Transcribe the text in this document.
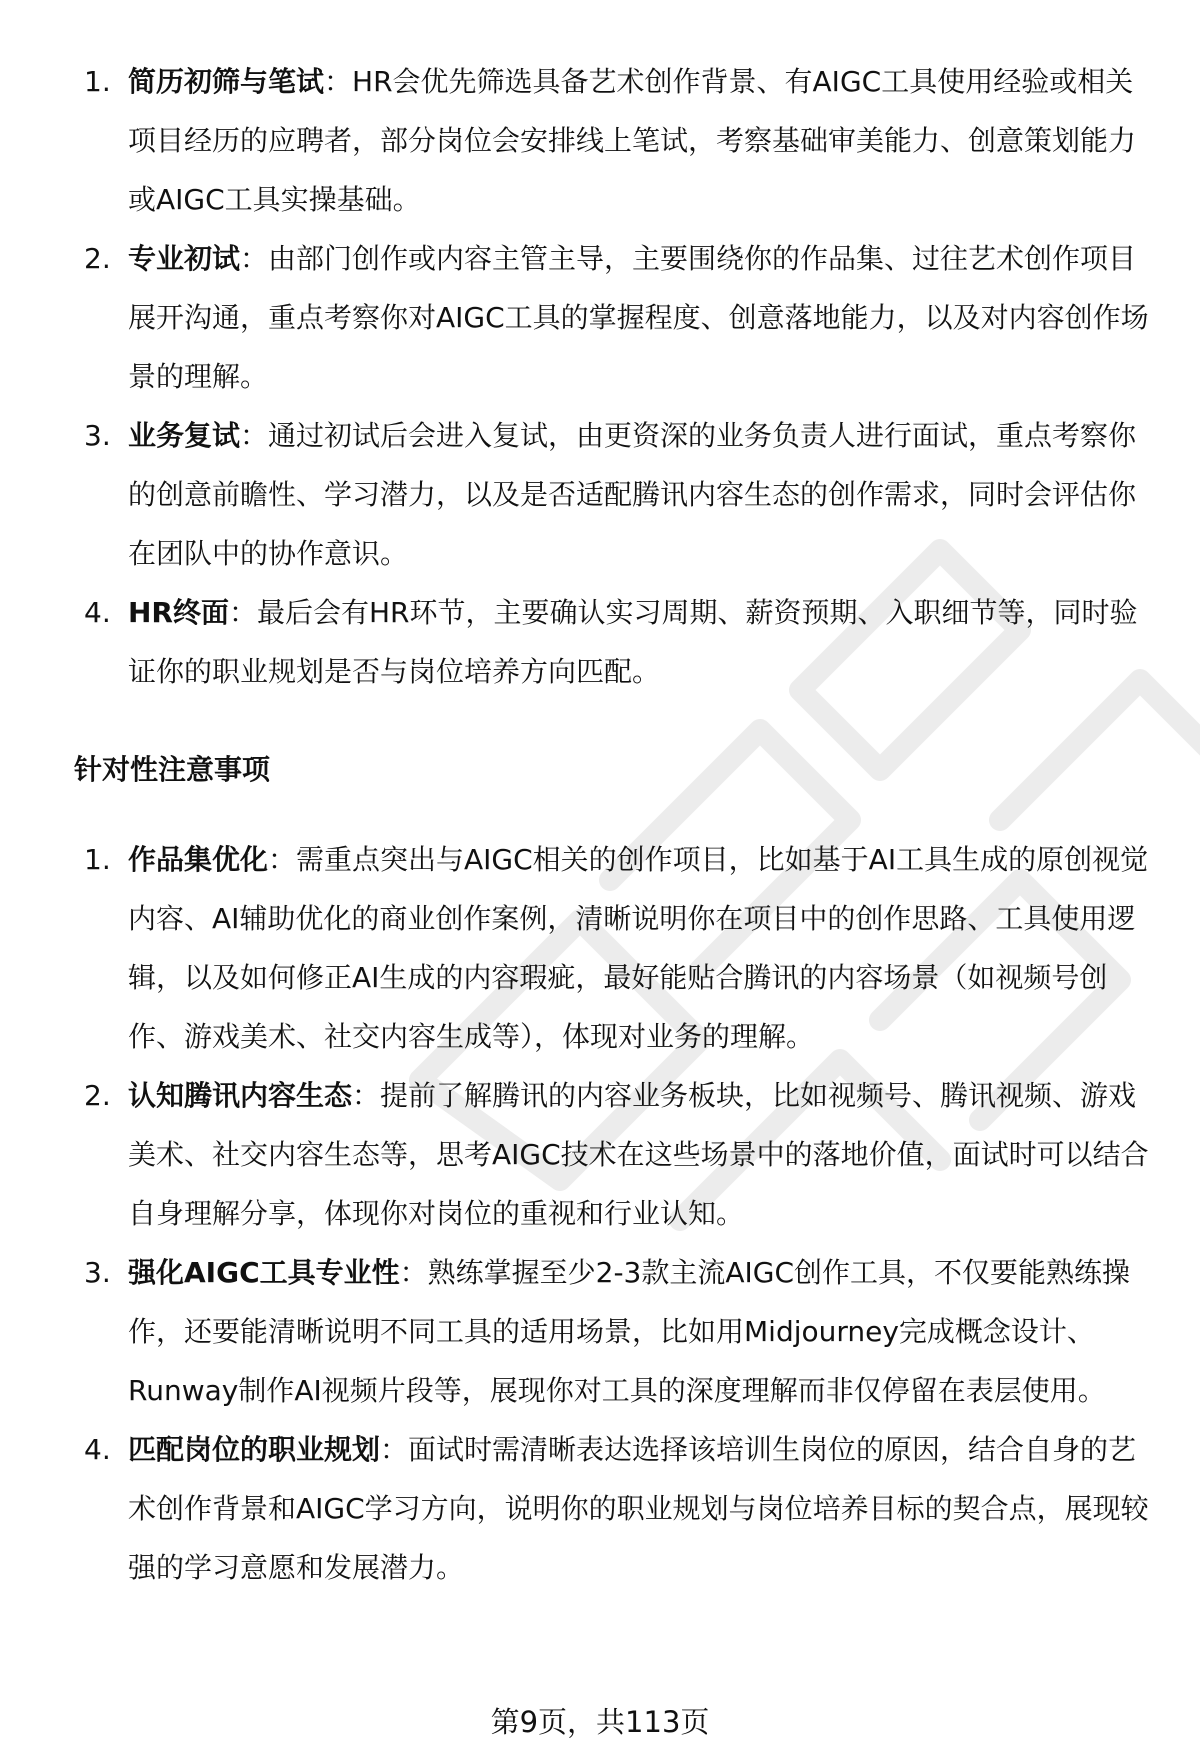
1. 简历初筛与笔试：HR会优先筛选具备艺术创作背景、有AIGC工具使用经验或相关项目经历的应聘者，部分岗位会安排线上笔试，考察基础审美能力、创意策划能力或AIGC工具实操基础。
2. 专业初试：由部门创作或内容主管主导，主要围绕你的作品集、过往艺术创作项目展开沟通，重点考察你对AIGC工具的掌握程度、创意落地能力，以及对内容创作场景的理解。
3. 业务复试：通过初试后会进入复试，由更资深的业务负责人进行面试，重点考察你的创意前瞻性、学习潜力，以及是否适配腾讯内容生态的创作需求，同时会评估你在团队中的协作意识。
4. HR终面：最后会有HR环节，主要确认实习周期、薪资预期、入职细节等，同时验证你的职业规划是否与岗位培养方向匹配。
针对性注意事项
1. 作品集优化：需重点突出与AIGC相关的创作项目，比如基于AI工具生成的原创视觉内容、AI辅助优化的商业创作案例，清晰说明你在项目中的创作思路、工具使用逻辑，以及如何修正AI生成的内容瑕疵，最好能贴合腾讯的内容场景（如视频号创作、游戏美术、社交内容生成等），体现对业务的理解。
2. 认知腾讯内容生态：提前了解腾讯的内容业务板块，比如视频号、腾讯视频、游戏美术、社交内容生态等，思考AIGC技术在这些场景中的落地价值，面试时可以结合自身理解分享，体现你对岗位的重视和行业认知。
3. 强化AIGC工具专业性：熟练掌握至少2-3款主流AIGC创作工具，不仅要能熟练操作，还要能清晰说明不同工具的适用场景，比如用Midjourney完成概念设计、Runway制作AI视频片段等，展现你对工具的深度理解而非仅停留在表层使用。
4. 匹配岗位的职业规划：面试时需清晰表达选择该培训生岗位的原因，结合自身的艺术创作背景和AIGC学习方向，说明你的职业规划与岗位培养目标的契合点，展现较强的学习意愿和发展潜力。
第9页，共113页
